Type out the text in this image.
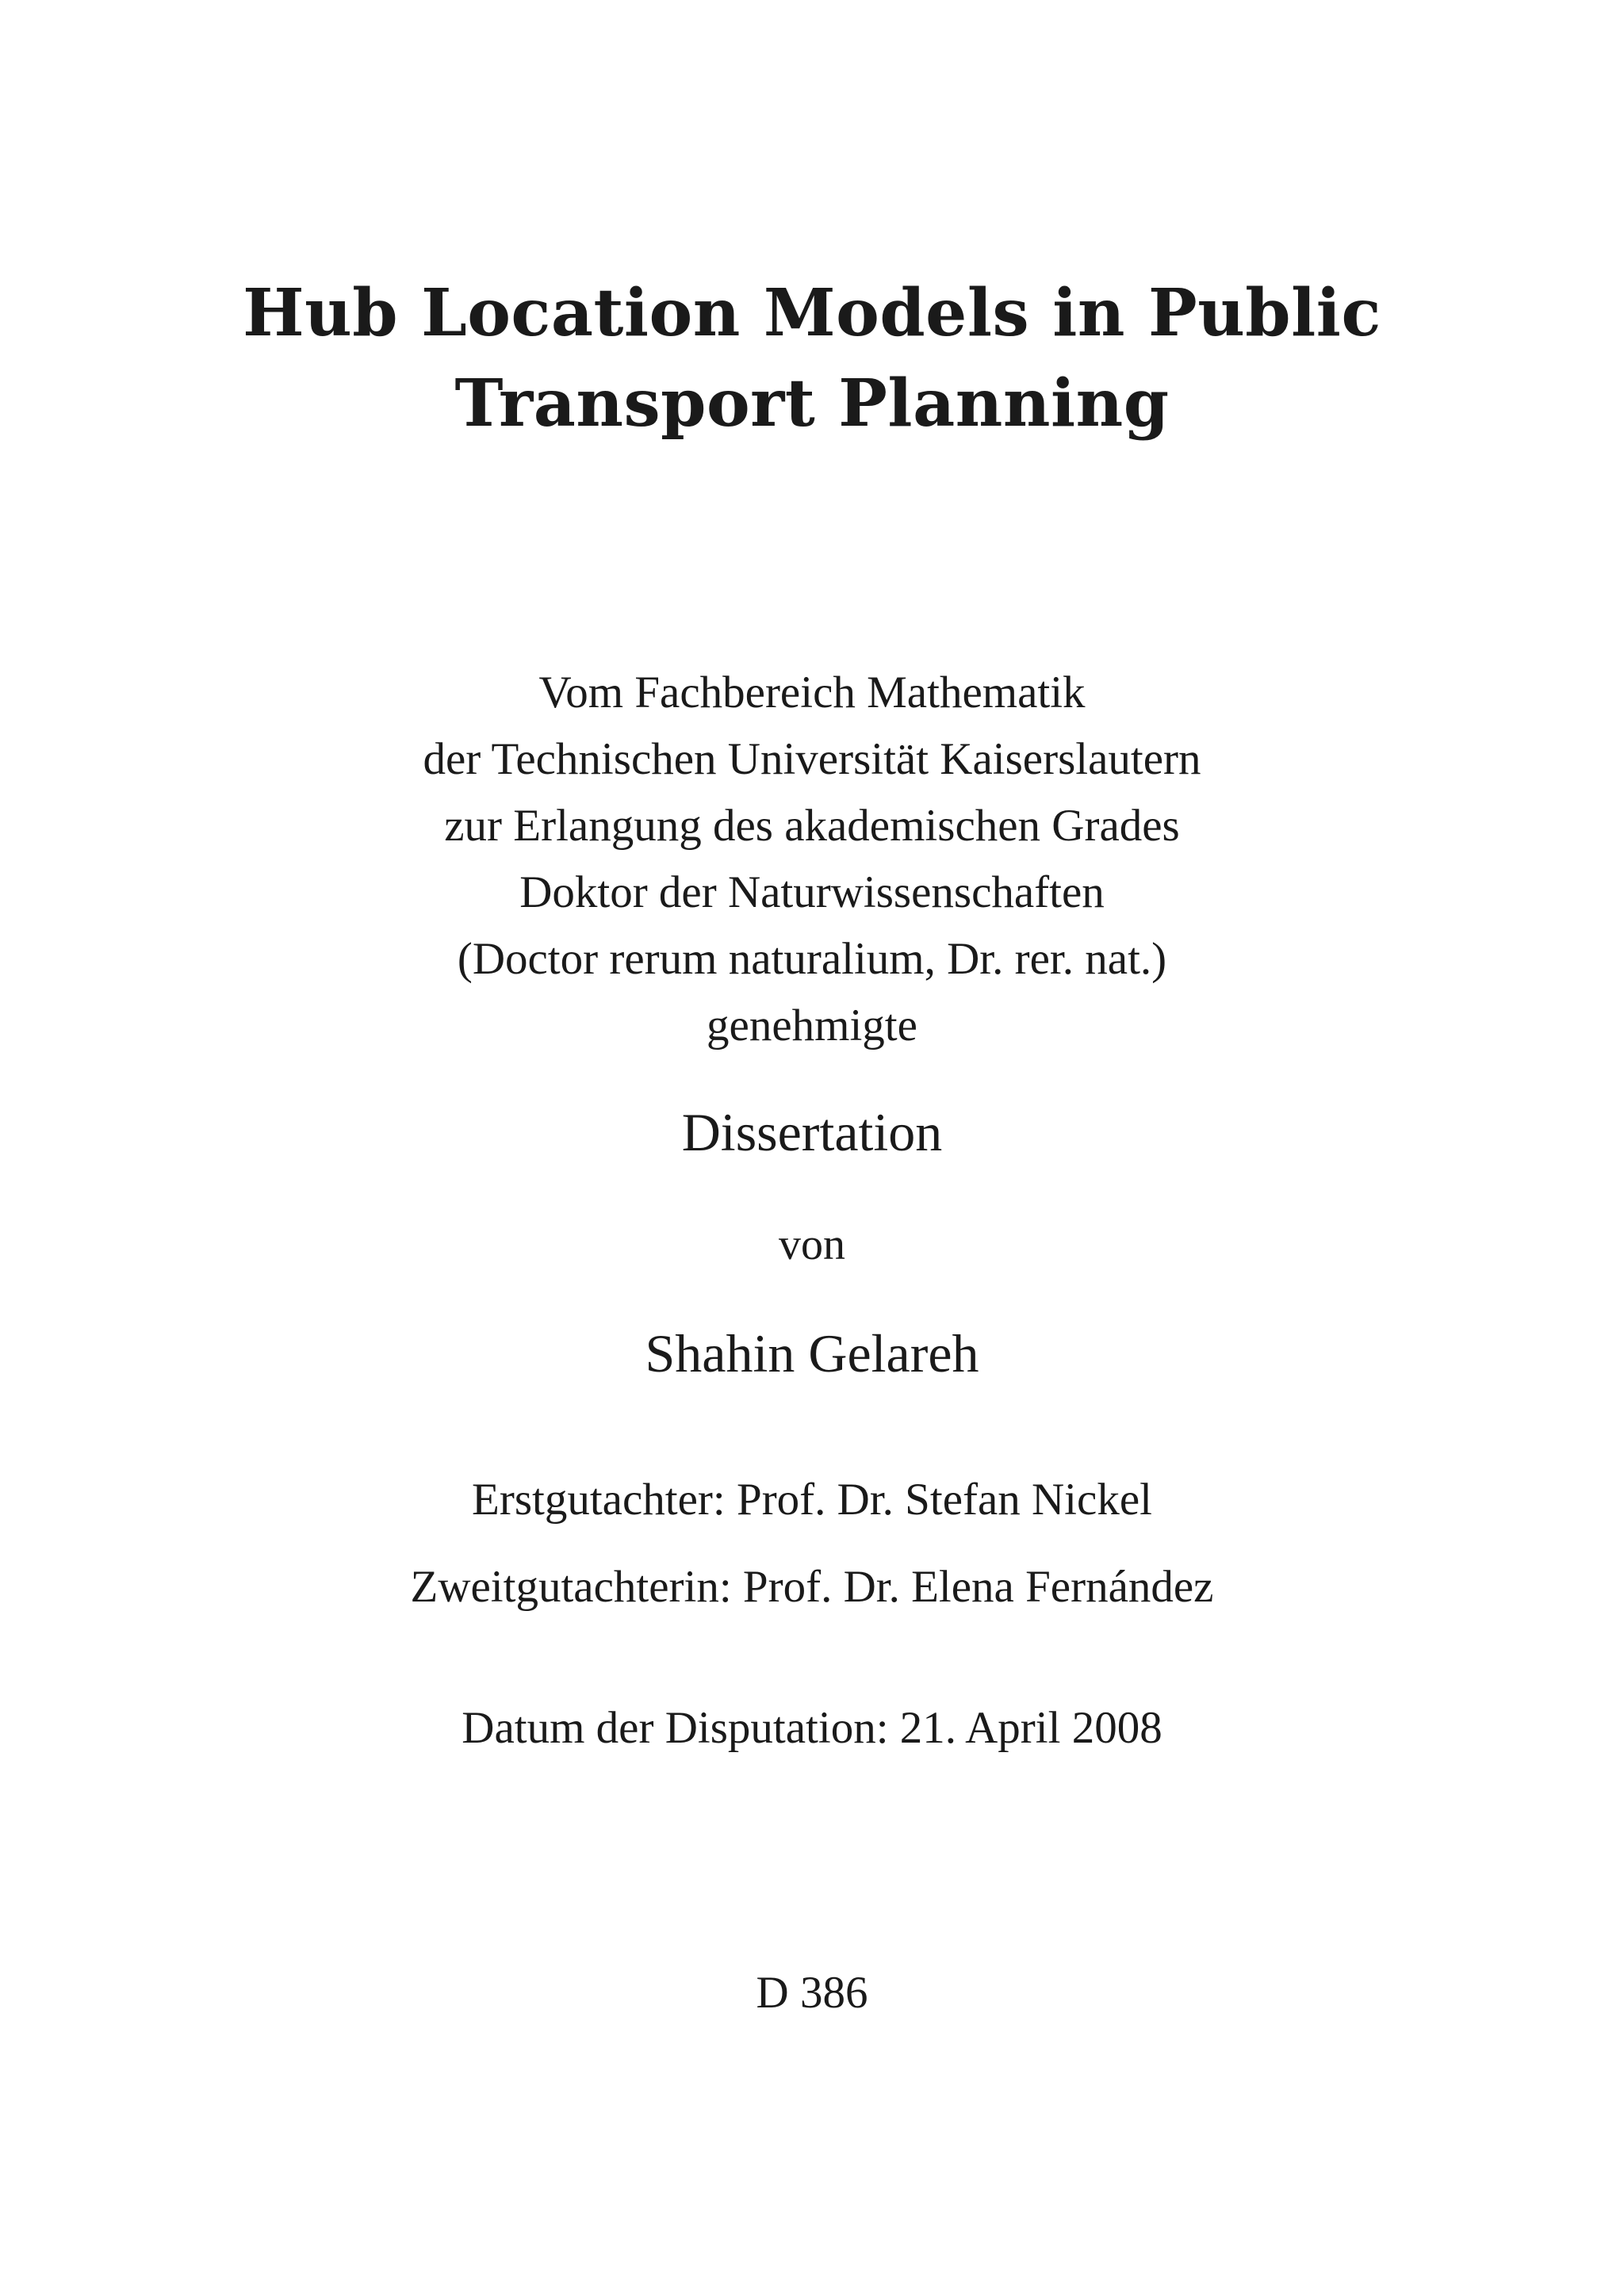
Hub Location Models in Public
Transport Planning
Vom Fachbereich Mathematik
der Technischen Universität Kaiserslautern
zur Erlangung des akademischen Grades
Doktor der Naturwissenschaften
(Doctor rerum naturalium, Dr. rer. nat.)
genehmigte
Dissertation
von
Shahin Gelareh
Erstgutachter: Prof. Dr. Stefan Nickel
Zweitgutachterin: Prof. Dr. Elena Fernández
Datum der Disputation: 21. April 2008
D 386
